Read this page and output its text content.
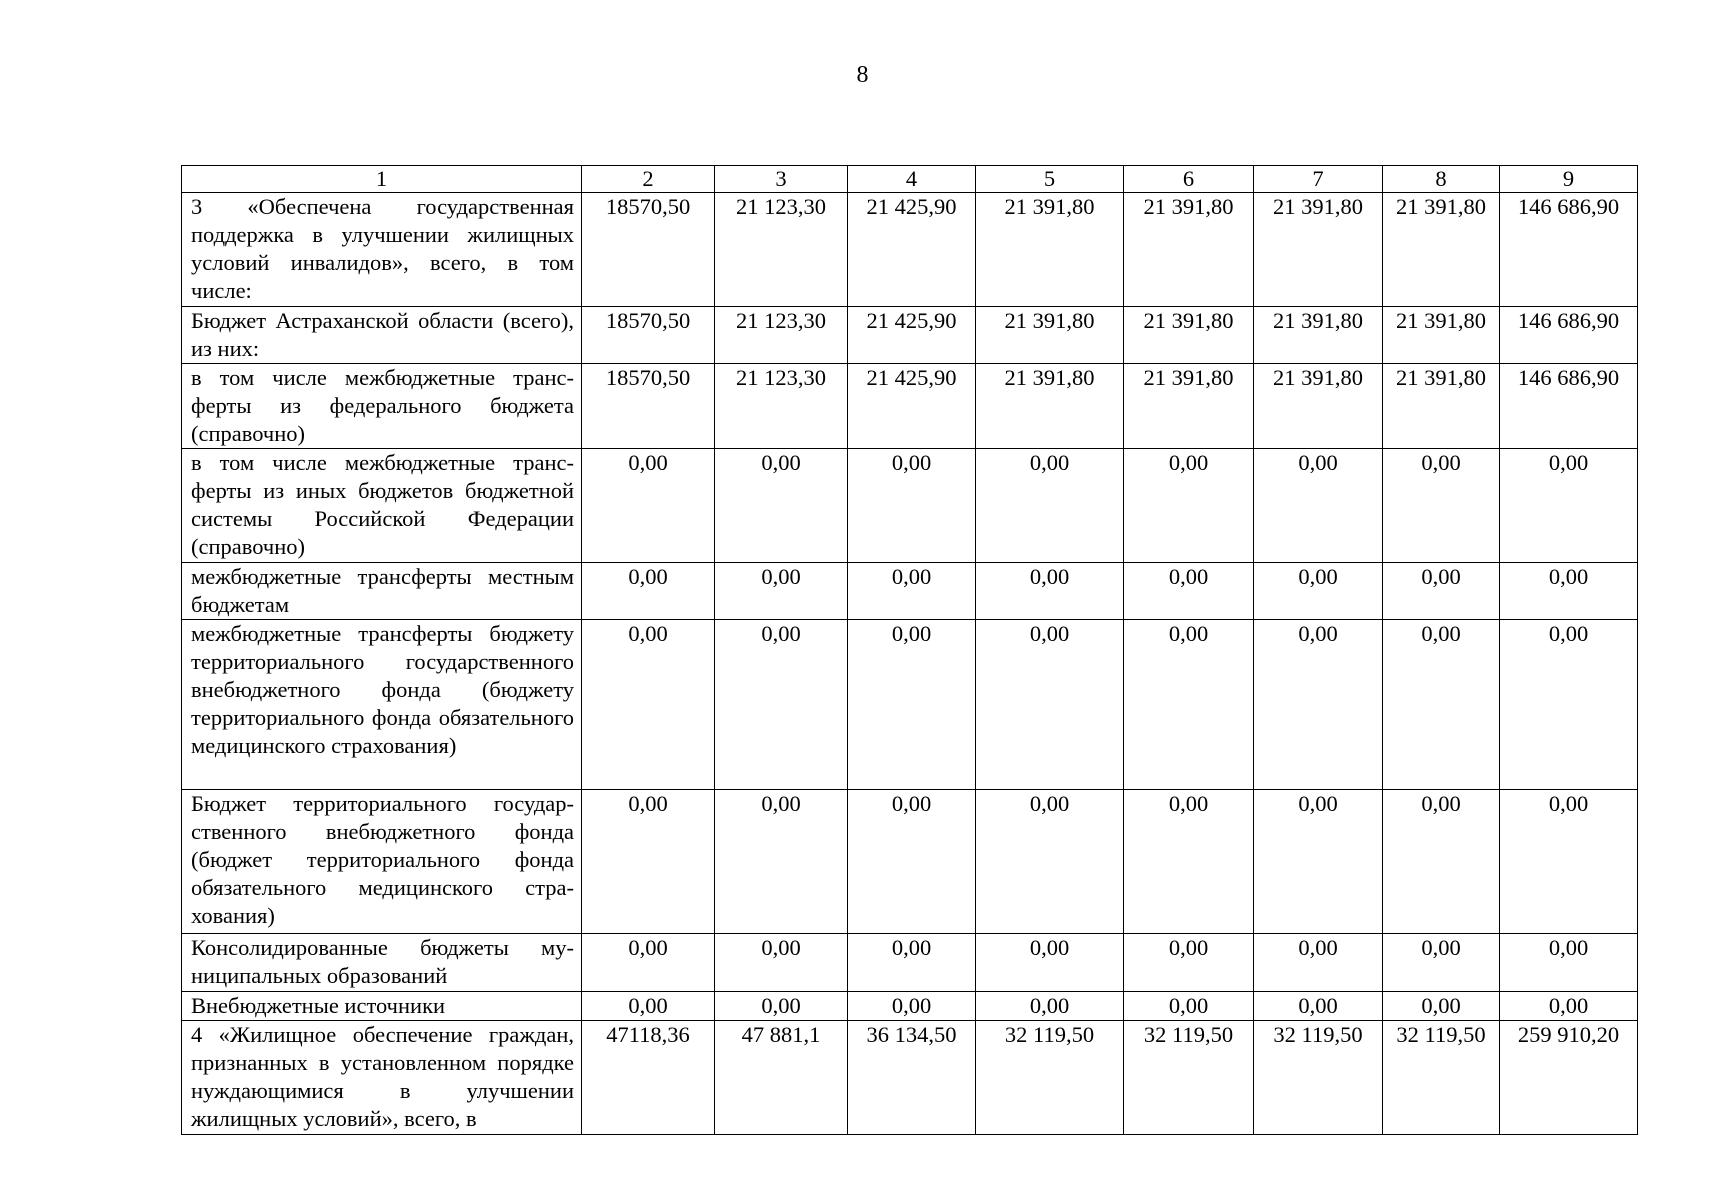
8
1	2	3	4	5	6	7	8	9
3 «Обеспечена государственная поддержка в улучшении жилищных условий инвалидов», всего, в том числе:	18570,50	21 123,30	21 425,90	21 391,80	21 391,80	21 391,80	21 391,80	146 686,90
Бюджет Астраханской области (всего), из них:	18570,50	21 123,30	21 425,90	21 391,80	21 391,80	21 391,80	21 391,80	146 686,90
в том числе межбюджетные трансферты из федерального бюджета (справочно)	18570,50	21 123,30	21 425,90	21 391,80	21 391,80	21 391,80	21 391,80	146 686,90
в том числе межбюджетные трансферты из иных бюджетов бюджетной системы Российской Федерации (справочно)	0,00	0,00	0,00	0,00	0,00	0,00	0,00	0,00
межбюджетные трансферты местным бюджетам	0,00	0,00	0,00	0,00	0,00	0,00	0,00	0,00
межбюджетные трансферты бюджету территориального государственного внебюджетного фонда (бюджету территориального фонда обязательного медицинского страхования)	0,00	0,00	0,00	0,00	0,00	0,00	0,00	0,00
Бюджет территориального государственного внебюджетного фонда (бюджет территориального фонда обязательного медицинского страхования)	0,00	0,00	0,00	0,00	0,00	0,00	0,00	0,00
Консолидированные бюджеты муниципальных образований	0,00	0,00	0,00	0,00	0,00	0,00	0,00	0,00
Внебюджетные источники	0,00	0,00	0,00	0,00	0,00	0,00	0,00	0,00
4 «Жилищное обеспечение граждан, признанных в установленном порядке нуждающимися в улучшении жилищных условий», всего, в	47118,36	47 881,1	36 134,50	32 119,50	32 119,50	32 119,50	32 119,50	259 910,20
